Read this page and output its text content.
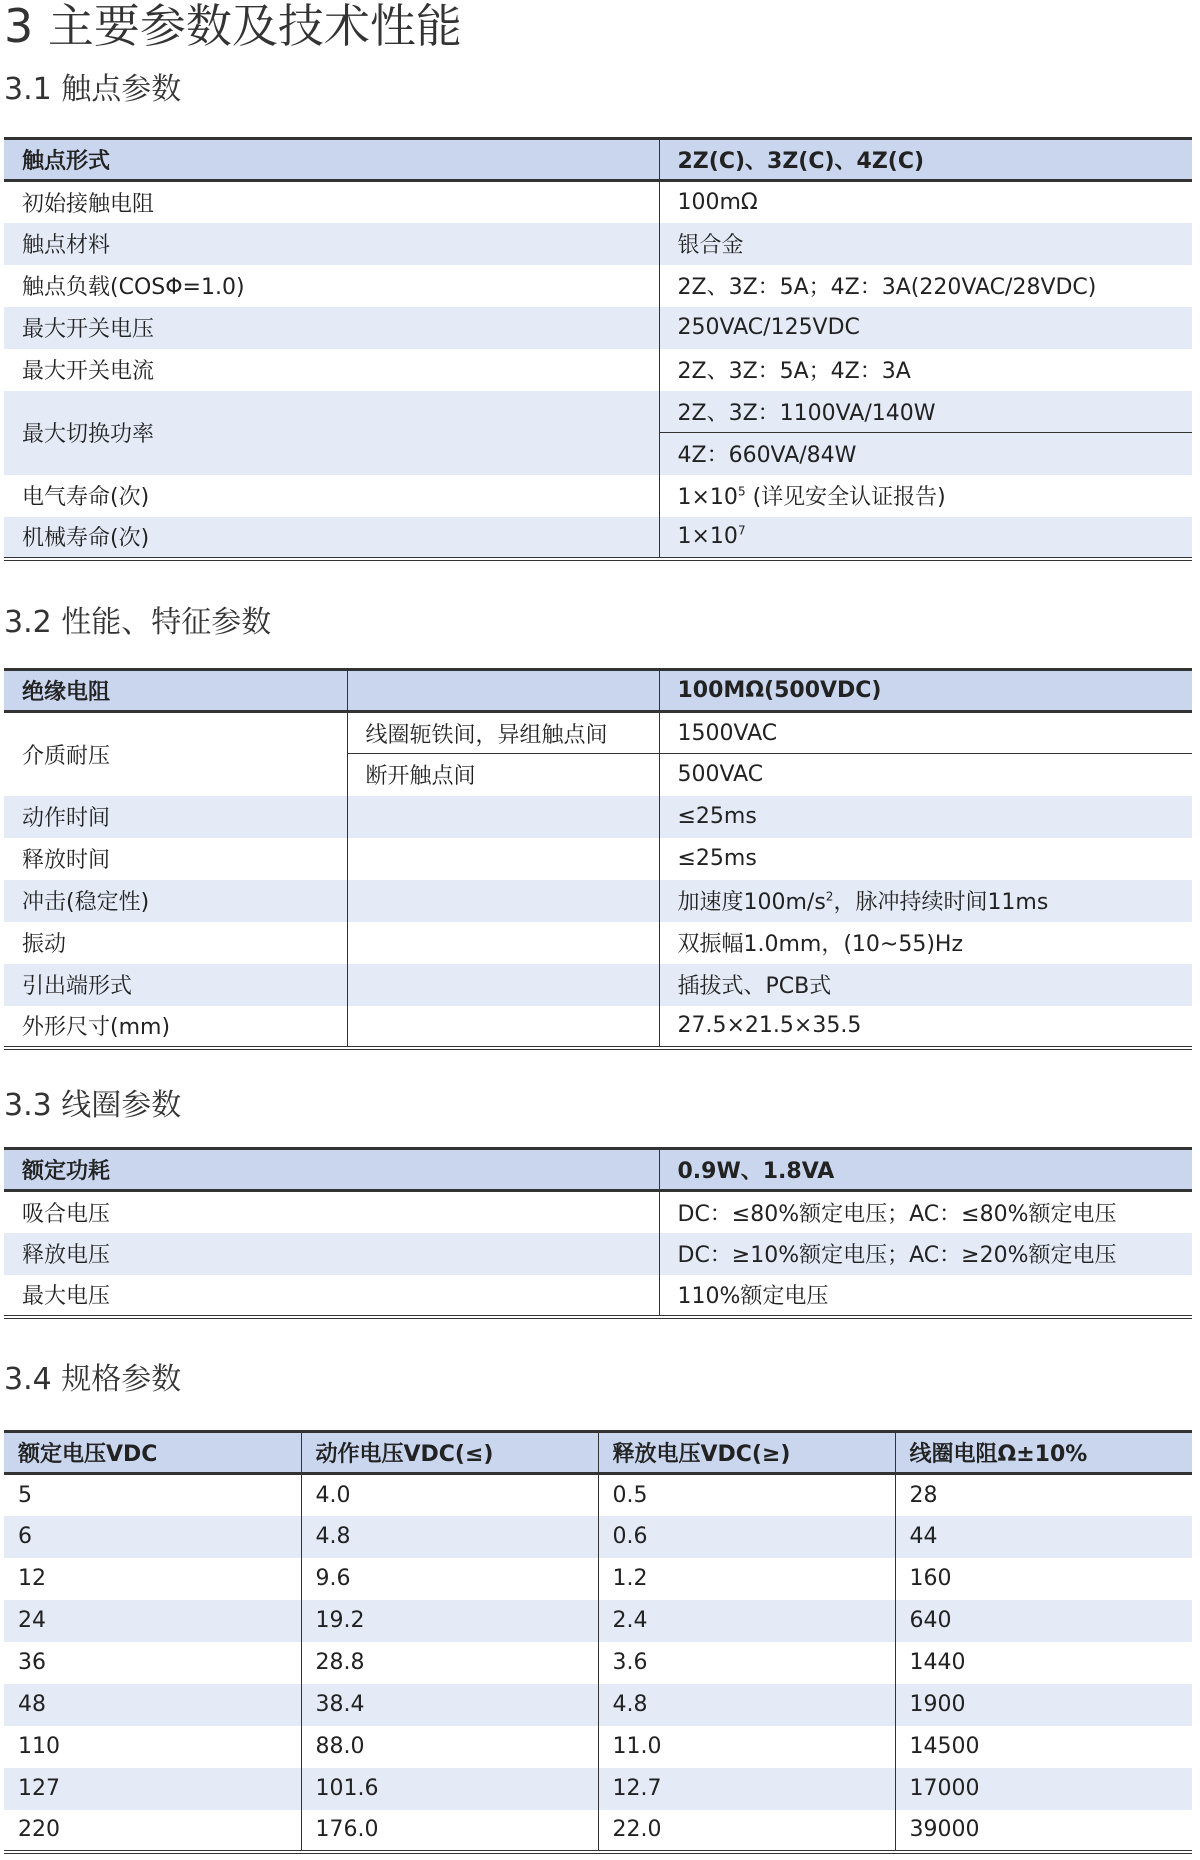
3 主要参数及技术性能
3.1 触点参数
触点形式	2Z(C)、3Z(C)、4Z(C)
初始接触电阻	100mΩ
触点材料	银合金
触点负载(COSΦ=1.0)	2Z、3Z：5A；4Z：3A(220VAC/28VDC)
最大开关电压	250VAC/125VDC
最大开关电流	2Z、3Z：5A；4Z：3A
最大切换功率	2Z、3Z：1100VA/140W
	4Z：660VA/84W
电气寿命(次)	$1\times 10^5$ (详见安全认证报告)
机械寿命(次)	$1\times 10^7$
3.2 性能、特征参数
绝缘电阻		100MΩ(500VDC)
介质耐压	线圈轭铁间，异组触点间	1500VAC
	断开触点间	500VAC
动作时间		≤25ms
释放时间		≤25ms
冲击(稳定性)		加速度$100m/s^2$，脉冲持续时间11ms
振动		双振幅1.0mm，(10~55)Hz
引出端形式		插拔式、PCB式
外形尺寸(mm)		27.5×21.5×35.5
3.3 线圈参数
额定功耗	0.9W、1.8VA
吸合电压	DC：≤80%额定电压；AC：≤80%额定电压
释放电压	DC：≥10%额定电压；AC：≥20%额定电压
最大电压	110%额定电压
3.4 规格参数
额定电压VDC	动作电压VDC(≤)	释放电压VDC(≥)	线圈电阻Ω±10%
5	4.0	0.5	28
6	4.8	0.6	44
12	9.6	1.2	160
24	19.2	2.4	640
36	28.8	3.6	1440
48	38.4	4.8	1900
110	88.0	11.0	14500
127	101.6	12.7	17000
220	176.0	22.0	39000
